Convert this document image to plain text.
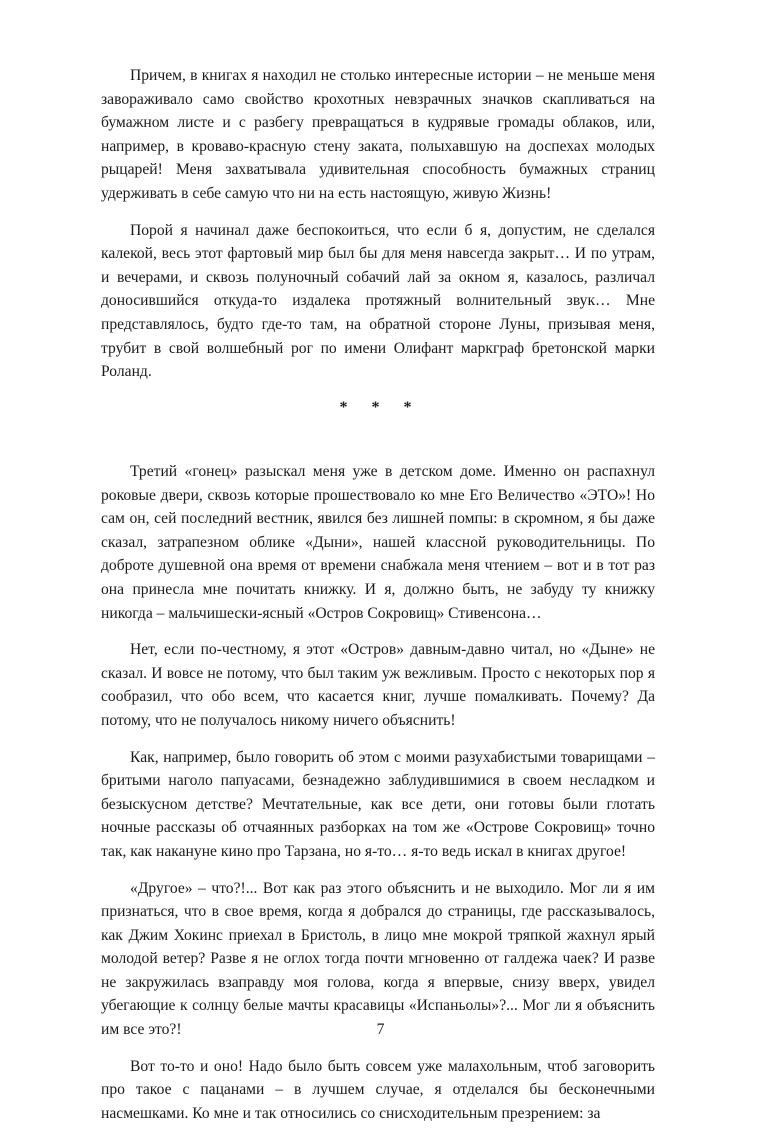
Причем, в книгах я находил не столько интересные истории – не меньше меня завораживало само свойство крохотных невзрачных значков скапливаться на бумажном листе и с разбегу превращаться в кудрявые громады облаков, или, например, в кроваво-красную стену заката, полыхавшую на доспехах молодых рыцарей! Меня захватывала удивительная способность бумажных страниц удерживать в себе самую что ни на есть настоящую, живую Жизнь!

Порой я начинал даже беспокоиться, что если б я, допустим, не сделался калекой, весь этот фартовый мир был бы для меня навсегда закрыт… И по утрам, и вечерами, и сквозь полуночный собачий лай за окном я, казалось, различал доносившийся откуда-то издалека протяжный волнительный звук… Мне представлялось, будто где-то там, на обратной стороне Луны, призывая меня, трубит в свой волшебный рог по имени Олифант маркграф бретонской марки Роланд.

* * *

Третий «гонец» разыскал меня уже в детском доме. Именно он распахнул роковые двери, сквозь которые прошествовало ко мне Его Величество «ЭТО»! Но сам он, сей последний вестник, явился без лишней помпы: в скромном, я бы даже сказал, затрапезном облике «Дыни», нашей классной руководительницы. По доброте душевной она время от времени снабжала меня чтением – вот и в тот раз она принесла мне почитать книжку. И я, должно быть, не забуду ту книжку никогда – мальчишески-ясный «Остров Сокровищ» Стивенсона…

Нет, если по-честному, я этот «Остров» давным-давно читал, но «Дыне» не сказал. И вовсе не потому, что был таким уж вежливым. Просто с некоторых пор я сообразил, что обо всем, что касается книг, лучше помалкивать. Почему? Да потому, что не получалось никому ничего объяснить!

Как, например, было говорить об этом с моими разухабистыми товарищами – бритыми наголо папуасами, безнадежно заблудившимися в своем несладком и безыскусном детстве? Мечтательные, как все дети, они готовы были глотать ночные рассказы об отчаянных разборках на том же «Острове Сокровищ» точно так, как накануне кино про Тарзана, но я-то… я-то ведь искал в книгах другое!

«Другое» – что?!... Вот как раз этого объяснить и не выходило. Мог ли я им признаться, что в свое время, когда я добрался до страницы, где рассказывалось, как Джим Хокинс приехал в Бристоль, в лицо мне мокрой тряпкой жахнул ярый молодой ветер? Разве я не оглох тогда почти мгновенно от галдежа чаек? И разве не закружилась взаправду моя голова, когда я впервые, снизу вверх, увидел убегающие к солнцу белые мачты красавицы «Испаньолы»?... Мог ли я объяснить им все это?!

Вот то-то и оно! Надо было быть совсем уже малахольным, чтоб заговорить про такое с пацанами – в лучшем случае, я отделался бы бесконечными насмешками. Ко мне и так относились со снисходительным презрением: за

7
